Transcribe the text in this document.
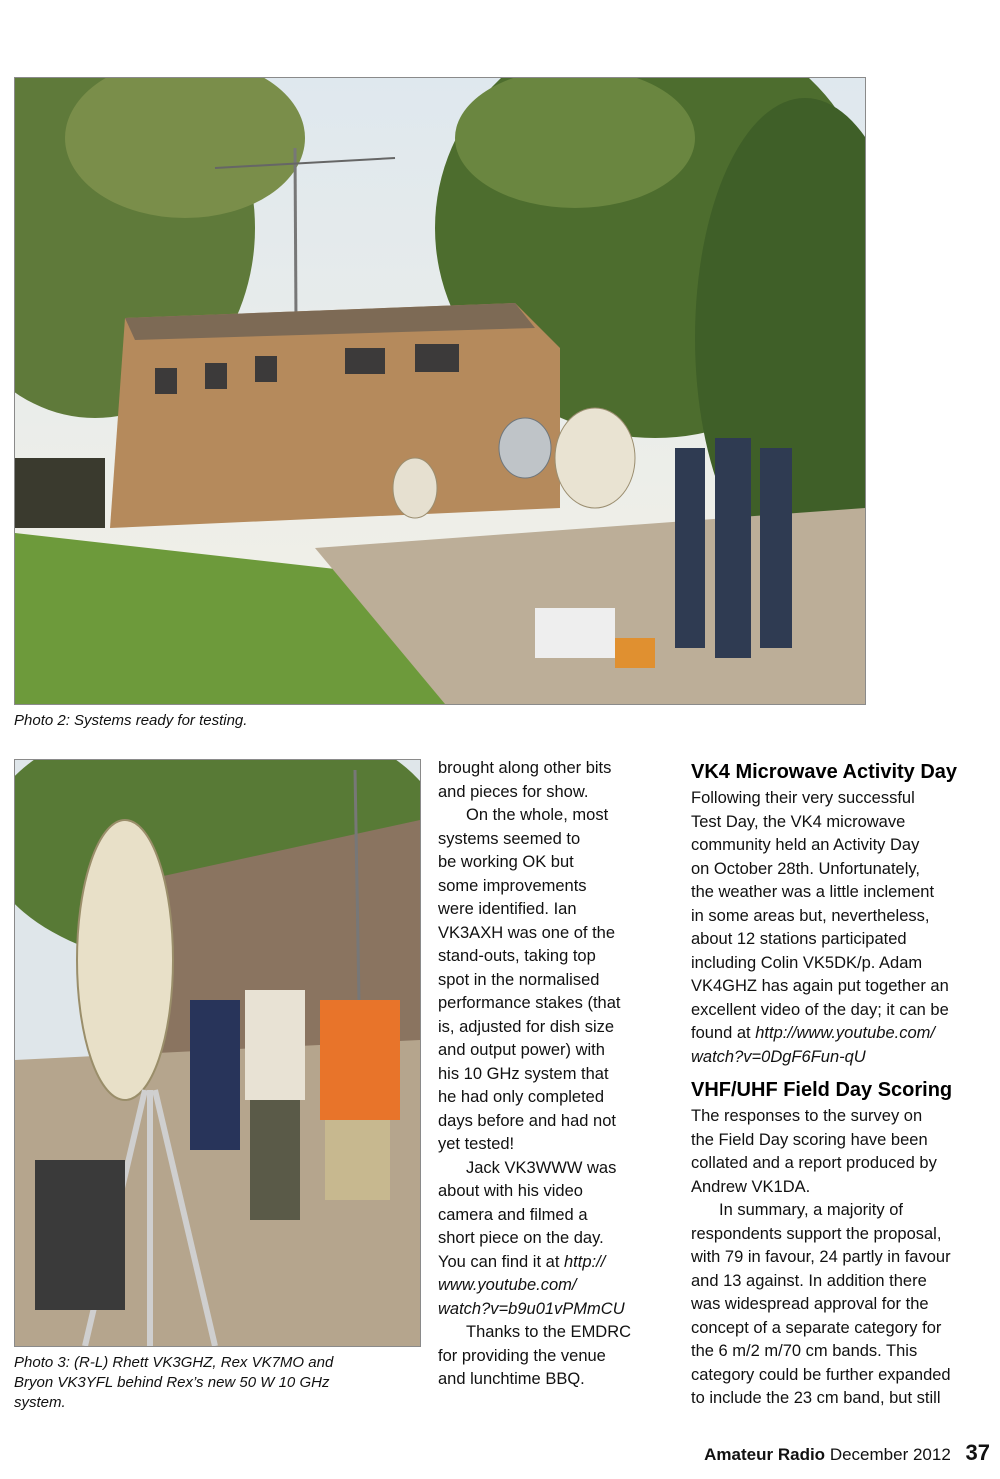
Photo 2: Systems ready for testing.
Photo 3: (R-L) Rhett VK3GHZ, Rex VK7MO and
Bryon VK3YFL behind Rex’s new 50 W 10 GHz
system.

brought along other bits
and pieces for show.

On the whole, most
systems seemed to
be working OK but
some improvements
were identified. Ian
VK3AXH was one of the
stand-outs, taking top
spot in the normalised
performance stakes (that
is, adjusted for dish size
and output power) with
his 10 GHz system that
he had only completed
days before and had not
yet tested!

Jack VK3WWW was
about with his video
camera and filmed a
short piece on the day.
You can find it at http://
www.youtube.com/
watch?v=b9u01vPMmCU

Thanks to the EMDRC
for providing the venue
and lunchtime BBQ.

VK4 Microwave Activity Day

Following their very successful
Test Day, the VK4 microwave
community held an Activity Day
on October 28th. Unfortunately,
the weather was a little inclement
in some areas but, nevertheless,
about 12 stations participated
including Colin VK5DK/p. Adam
VK4GHZ has again put together an
excellent video of the day; it can be
found at http://www.youtube.com/
watch?v=0DgF6Fun-qU

VHF/UHF Field Day Scoring

The responses to the survey on
the Field Day scoring have been
collated and a report produced by
Andrew VK1DA.

In summary, a majority of
respondents support the proposal,
with 79 in favour, 24 partly in favour
and 13 against. In addition there
was widespread approval for the
concept of a separate category for
the 6 m/2 m/70 cm bands. This
category could be further expanded
to include the 23 cm band, but still

Amateur Radio December 2012 37
